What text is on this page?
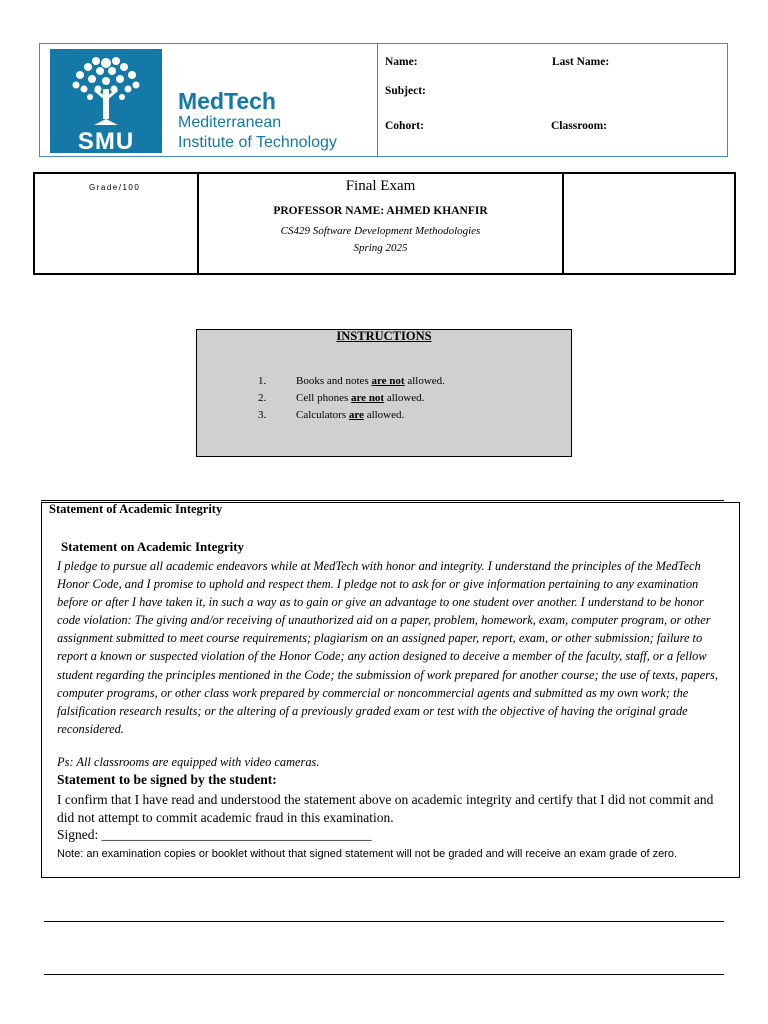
SMU
MedTech
Mediterranean
Institute of Technology
Name:	Last Name:
Subject:
Cohort:	Classroom:
Grade/100	Final Exam
PROFESSOR NAME: AHMED KHANFIR
CS429 Software Development Methodologies
Spring 2025
INSTRUCTIONS
1.	Books and notes are not allowed.
2.	Cell phones are not allowed.
3.	Calculators are allowed.
Statement of Academic Integrity
Statement on Academic Integrity
I pledge to pursue all academic endeavors while at MedTech with honor and integrity. I understand the principles of the MedTech Honor Code, and I promise to uphold and respect them. I pledge not to ask for or give information pertaining to any examination before or after I have taken it, in such a way as to gain or give an advantage to one student over another. I understand to be honor code violation: The giving and/or receiving of unauthorized aid on a paper, problem, homework, exam, computer program, or other assignment submitted to meet course requirements; plagiarism on an assigned paper, report, exam, or other submission; failure to report a known or suspected violation of the Honor Code; any action designed to deceive a member of the faculty, staff, or a fellow student regarding the principles mentioned in the Code; the submission of work prepared for another course; the use of texts, papers, computer programs, or other class work prepared by commercial or noncommercial agents and submitted as my own work; the falsification research results; or the altering of a previously graded exam or test with the objective of having the original grade reconsidered.
Ps: All classrooms are equipped with video cameras.
Statement to be signed by the student:
I confirm that I have read and understood the statement above on academic integrity and certify that I did not commit and did not attempt to commit academic fraud in this examination.
Signed: ________________________________________
Note: an examination copies or booklet without that signed statement will not be graded and will receive an exam grade of zero.
